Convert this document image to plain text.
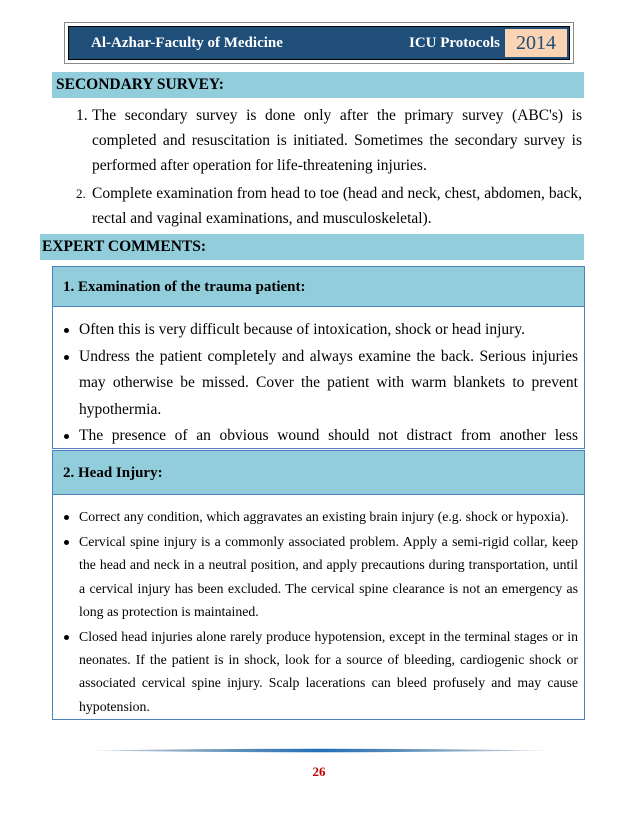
Al-Azhar-Faculty of Medicine	ICU Protocols 2014
SECONDARY SURVEY:
1. The secondary survey is done only after the primary survey (ABC's) is completed and resuscitation is initiated. Sometimes the secondary survey is performed after operation for life-threatening injuries.
2. Complete examination from head to toe (head and neck, chest, abdomen, back, rectal and vaginal examinations, and musculoskeletal).
EXPERT COMMENTS:
1. Examination of the trauma patient:
Often this is very difficult because of intoxication, shock or head injury.
Undress the patient completely and always examine the back. Serious injuries may otherwise be missed. Cover the patient with warm blankets to prevent hypothermia.
The presence of an obvious wound should not distract from another less
2. Head Injury:
Correct any condition, which aggravates an existing brain injury (e.g. shock or hypoxia).
Cervical spine injury is a commonly associated problem. Apply a semi-rigid collar, keep the head and neck in a neutral position, and apply precautions during transportation, until a cervical injury has been excluded. The cervical spine clearance is not an emergency as long as protection is maintained.
Closed head injuries alone rarely produce hypotension, except in the terminal stages or in neonates. If the patient is in shock, look for a source of bleeding, cardiogenic shock or associated cervical spine injury. Scalp lacerations can bleed profusely and may cause hypotension.
26
